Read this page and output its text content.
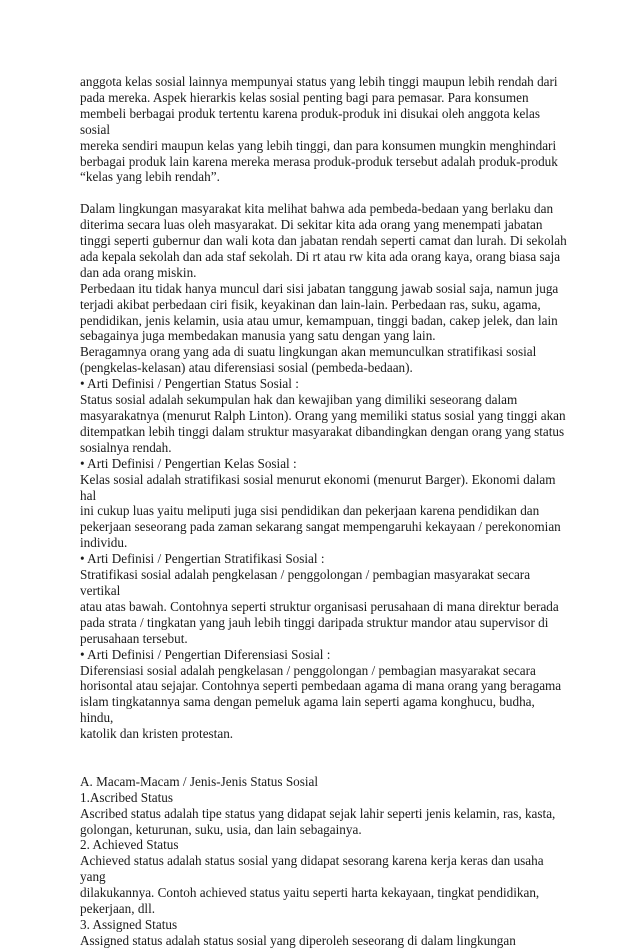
anggota kelas sosial lainnya mempunyai status yang lebih tinggi maupun lebih rendah dari
pada mereka. Aspek hierarkis kelas sosial penting bagi para pemasar. Para konsumen
membeli berbagai produk tertentu karena produk-produk ini disukai oleh anggota kelas sosial
mereka sendiri maupun kelas yang lebih tinggi, dan para konsumen mungkin menghindari
berbagai produk lain karena mereka merasa produk-produk tersebut adalah produk-produk
“kelas yang lebih rendah”.

Dalam lingkungan masyarakat kita melihat bahwa ada pembeda-bedaan yang berlaku dan
diterima secara luas oleh masyarakat. Di sekitar kita ada orang yang menempati jabatan
tinggi seperti gubernur dan wali kota dan jabatan rendah seperti camat dan lurah. Di sekolah
ada kepala sekolah dan ada staf sekolah. Di rt atau rw kita ada orang kaya, orang biasa saja
dan ada orang miskin.

Perbedaan itu tidak hanya muncul dari sisi jabatan tanggung jawab sosial saja, namun juga
terjadi akibat perbedaan ciri fisik, keyakinan dan lain-lain. Perbedaan ras, suku, agama,
pendidikan, jenis kelamin, usia atau umur, kemampuan, tinggi badan, cakep jelek, dan lain
sebagainya juga membedakan manusia yang satu dengan yang lain.

Beragamnya orang yang ada di suatu lingkungan akan memunculkan stratifikasi sosial
(pengkelas-kelasan) atau diferensiasi sosial (pembeda-bedaan).

• Arti Definisi / Pengertian Status Sosial :

Status sosial adalah sekumpulan hak dan kewajiban yang dimiliki seseorang dalam
masyarakatnya (menurut Ralph Linton). Orang yang memiliki status sosial yang tinggi akan
ditempatkan lebih tinggi dalam struktur masyarakat dibandingkan dengan orang yang status
sosialnya rendah.

• Arti Definisi / Pengertian Kelas Sosial :

Kelas sosial adalah stratifikasi sosial menurut ekonomi (menurut Barger). Ekonomi dalam hal
ini cukup luas yaitu meliputi juga sisi pendidikan dan pekerjaan karena pendidikan dan
pekerjaan seseorang pada zaman sekarang sangat mempengaruhi kekayaan / perekonomian
individu.

• Arti Definisi / Pengertian Stratifikasi Sosial :

Stratifikasi sosial adalah pengkelasan / penggolongan / pembagian masyarakat secara vertikal
atau atas bawah. Contohnya seperti struktur organisasi perusahaan di mana direktur berada
pada strata / tingkatan yang jauh lebih tinggi daripada struktur mandor atau supervisor di
perusahaan tersebut.

• Arti Definisi / Pengertian Diferensiasi Sosial :

Diferensiasi sosial adalah pengkelasan / penggolongan / pembagian masyarakat secara
horisontal atau sejajar. Contohnya seperti pembedaan agama di mana orang yang beragama
islam tingkatannya sama dengan pemeluk agama lain seperti agama konghucu, budha, hindu,
katolik dan kristen protestan.

A. Macam-Macam / Jenis-Jenis Status Sosial

1.Ascribed Status

Ascribed status adalah tipe status yang didapat sejak lahir seperti jenis kelamin, ras, kasta,
golongan, keturunan, suku, usia, dan lain sebagainya.

2. Achieved Status

Achieved status adalah status sosial yang didapat sesorang karena kerja keras dan usaha yang
dilakukannya. Contoh achieved status yaitu seperti harta kekayaan, tingkat pendidikan,
pekerjaan, dll.

3. Assigned Status

Assigned status adalah status sosial yang diperoleh seseorang di dalam lingkungan
